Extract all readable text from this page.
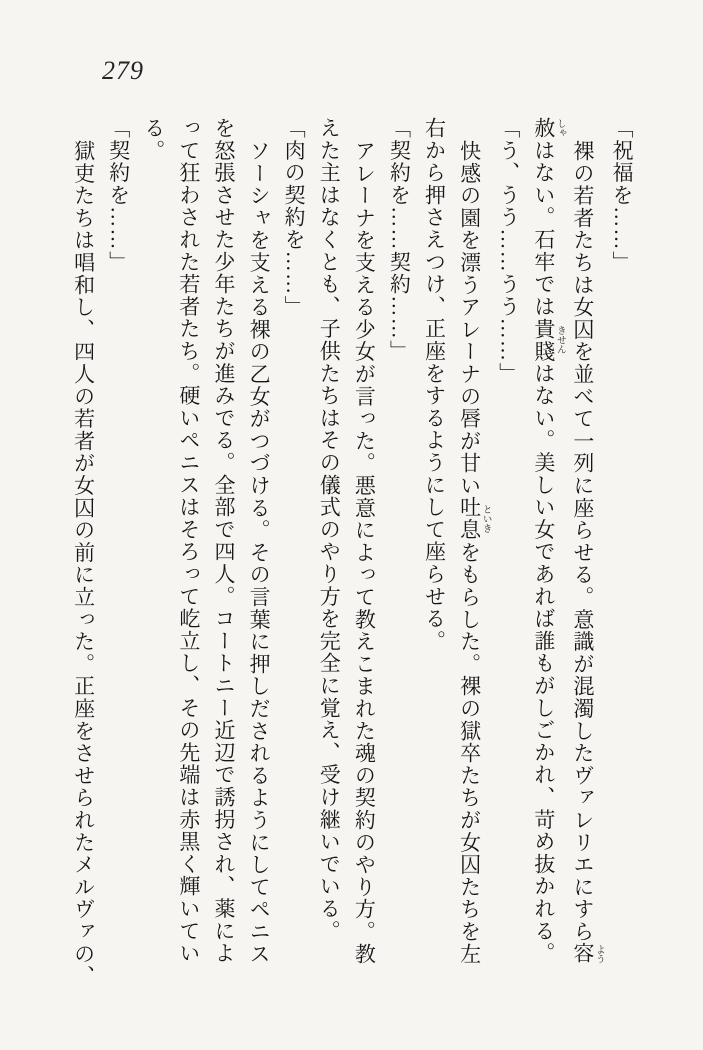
279
「祝福を……」
裸の若者たちは女囚を並べて一列に座らせる。意識が混濁したヴァレリエにすら容 よう
赦 しゃはない。石牢では貴賤 きせんはない。美しい女であれば誰もがしごかれ、苛め抜かれる。
「う、うう……うう……」
快感の園を漂うアレーナの唇が甘い吐息 といきをもらした。裸の獄卒たちが女囚たちを左
右から押さえつけ、正座をするようにして座らせる。
「契約を……契約……」
アレーナを支える少女が言った。悪意によって教えこまれた魂の契約のやり方。教
えた主はなくとも、子供たちはその儀式のやり方を完全に覚え、受け継いでいる。
「肉の契約を……」
ソーシャを支える裸の乙女がつづける。その言葉に押しだされるようにしてペニス
を怒張させた少年たちが進みでる。全部で四人。コートニー近辺で誘拐され、薬によ
って狂わされた若者たち。硬いペニスはそろって屹立し、その先端は赤黒く輝いてい
る。
「契約を……」
獄吏たちは唱和し、四人の若者が女囚の前に立った。正座をさせられたメルヴァの、
